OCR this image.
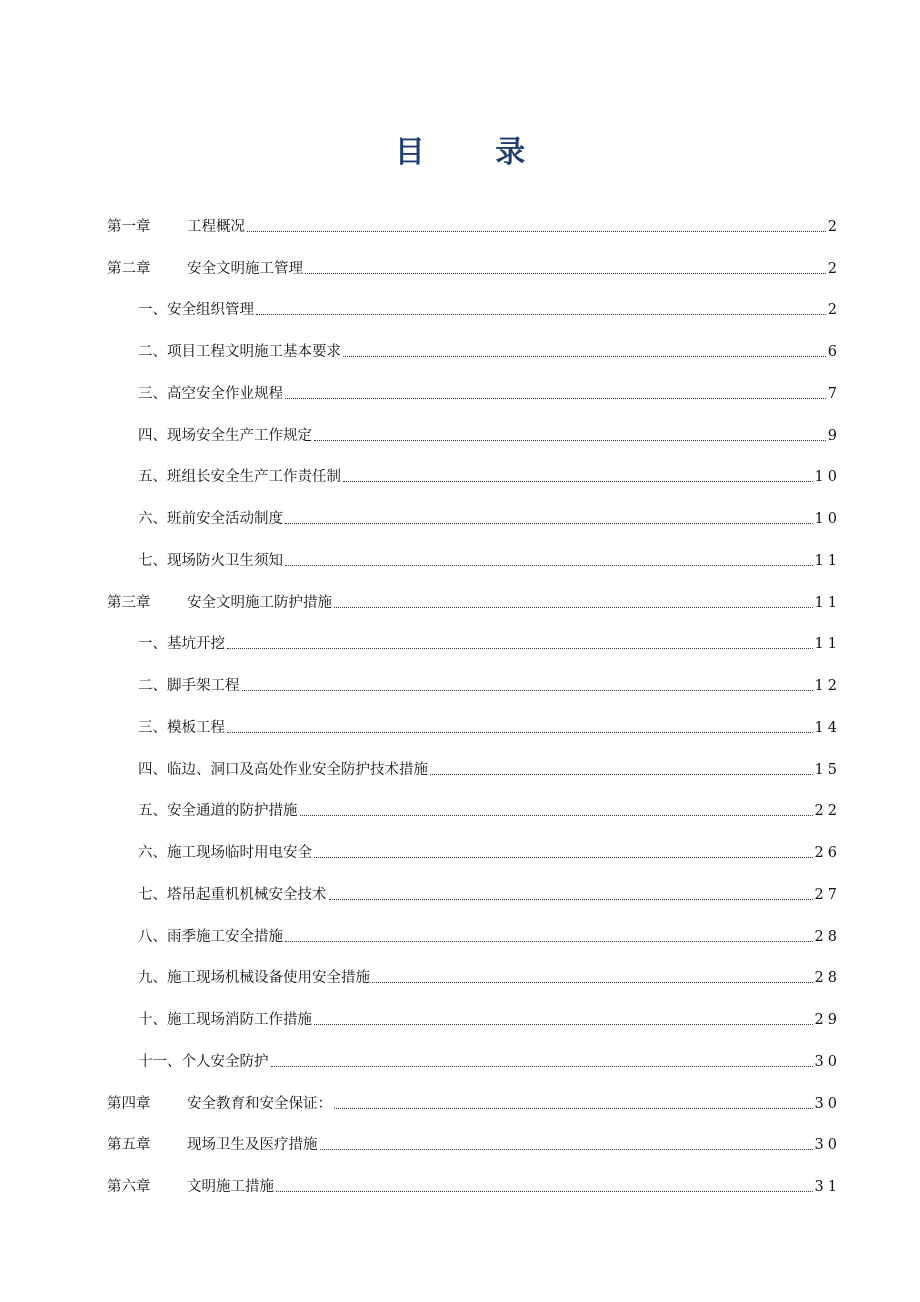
目 录
第一章	工程概况	2
第二章	安全文明施工管理	2
一、安全组织管理	2
二、项目工程文明施工基本要求	6
三、高空安全作业规程	7
四、现场安全生产工作规定	9
五、班组长安全生产工作责任制	10
六、班前安全活动制度	10
七、现场防火卫生须知	11
第三章	安全文明施工防护措施	11
一、基坑开挖	11
二、脚手架工程	12
三、模板工程	14
四、临边、洞口及高处作业安全防护技术措施	15
五、安全通道的防护措施	22
六、施工现场临时用电安全	26
七、塔吊起重机机械安全技术	27
八、雨季施工安全措施	28
九、施工现场机械设备使用安全措施	28
十、施工现场消防工作措施	29
十一、个人安全防护	30
第四章	安全教育和安全保证：	30
第五章	现场卫生及医疗措施	30
第六章	文明施工措施	31
